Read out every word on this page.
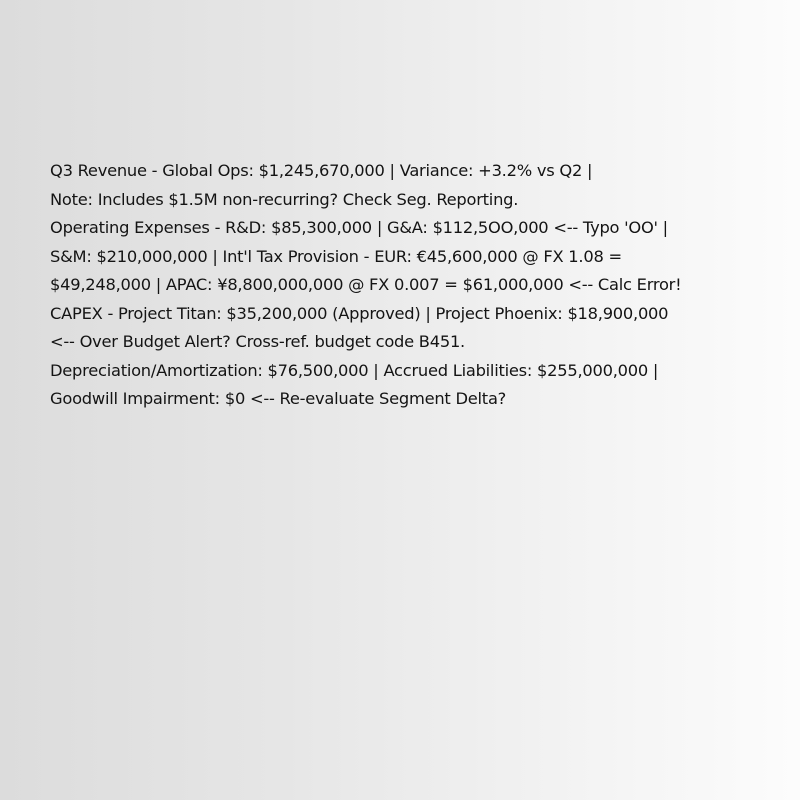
Q3 Revenue - Global Ops: $1,245,670,000 | Variance: +3.2% vs Q2 |
Note: Includes $1.5M non-recurring? Check Seg. Reporting.
Operating Expenses - R&D: $85,300,000 | G&A: $112,5OO,000 <-- Typo 'OO' |
S&M: $210,000,000 | Int'l Tax Provision - EUR: €45,600,000 @ FX 1.08 =
$49,248,000 | APAC: ¥8,800,000,000 @ FX 0.007 = $61,000,000 <-- Calc Error!
CAPEX - Project Titan: $35,200,000 (Approved) | Project Phoenix: $18,900,000
<-- Over Budget Alert? Cross-ref. budget code B451.
Depreciation/Amortization: $76,500,000 | Accrued Liabilities: $255,000,000 |
Goodwill Impairment: $0 <-- Re-evaluate Segment Delta?
